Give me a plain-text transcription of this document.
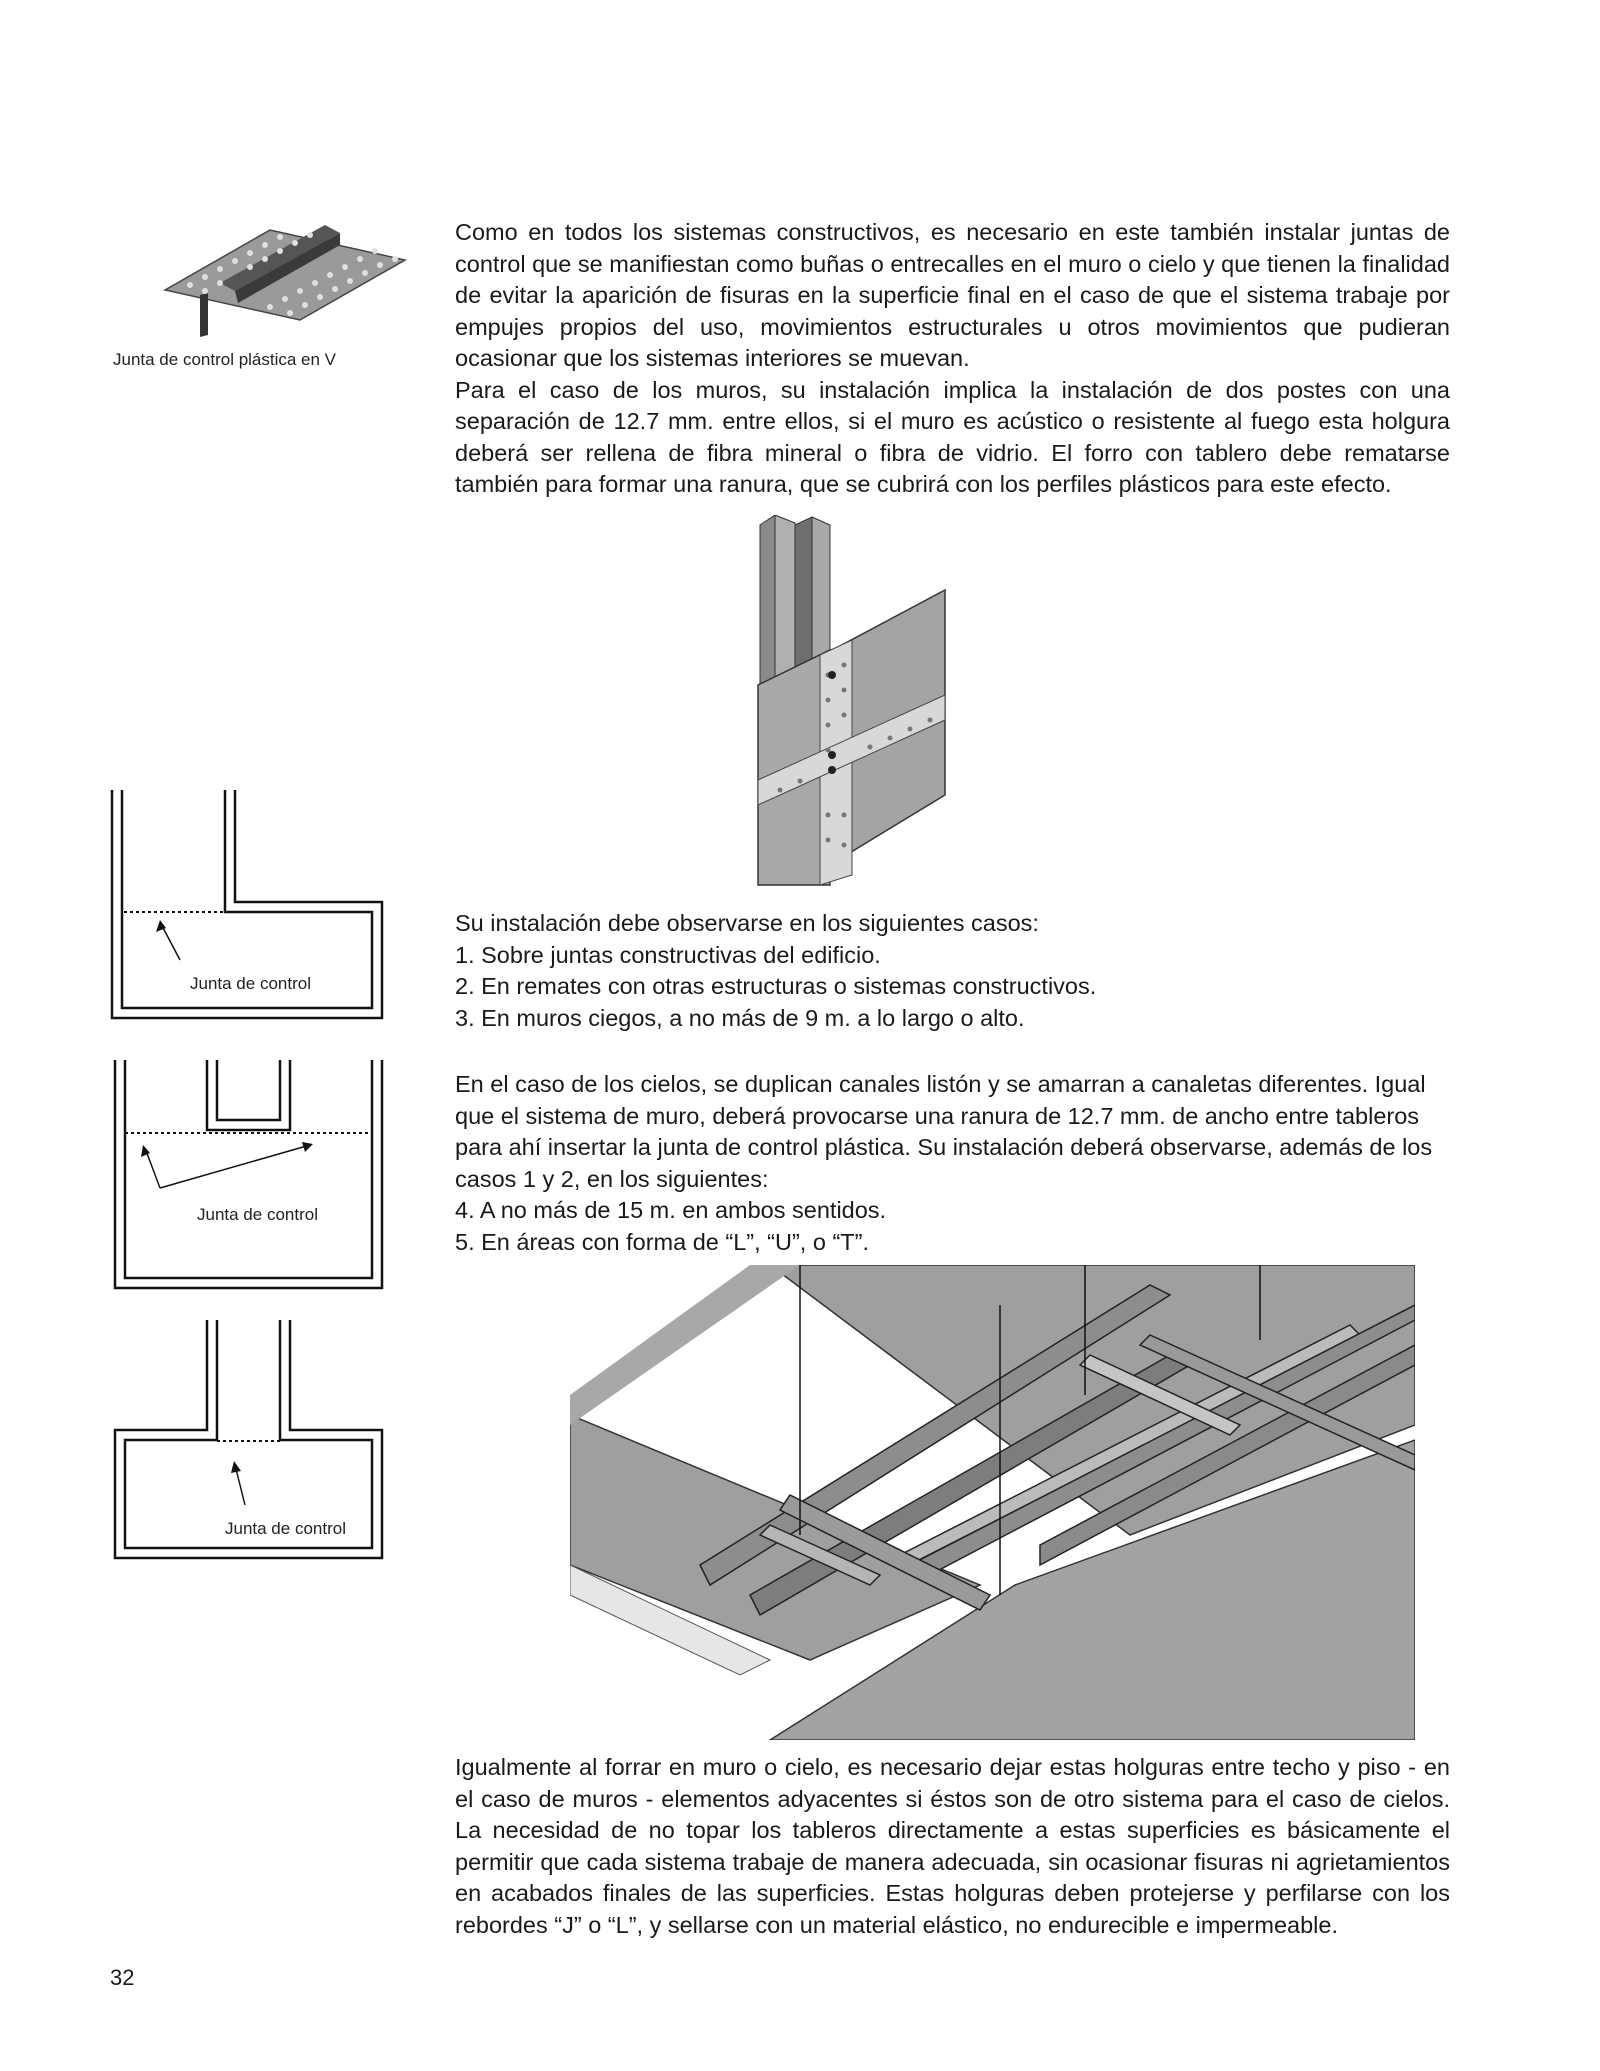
Junta de control plástica en V

Como en todos los sistemas constructivos, es necesario en este también instalar juntas de control que se manifiestan como buñas o entrecalles en el muro o cielo y que tienen la finalidad de evitar la aparición de fisuras en la superficie final en el caso de que el sistema trabaje por empujes propios del uso, movimientos estructurales u otros movimientos que pudieran ocasionar que los sistemas interiores se muevan.

Para el caso de los muros, su instalación implica la instalación de dos postes con una separación de 12.7 mm. entre ellos, si el muro es acústico o resistente al fuego esta holgura deberá ser rellena de fibra mineral o fibra de vidrio. El forro con tablero debe rematarse también para formar una ranura, que se cubrirá con los perfiles plásticos para este efecto.

Junta de control
Junta de control
Junta de control
Su instalación debe observarse en los siguientes casos:
1. Sobre juntas constructivas del edificio.
2. En remates con otras estructuras o sistemas constructivos.
3. En muros ciegos, a no más de 9 m. a lo largo o alto.

En el caso de los cielos, se duplican canales listón y se amarran a canaletas diferentes. Igual que el sistema de muro, deberá provocarse una ranura de 12.7 mm. de ancho entre tableros para ahí insertar la junta de control plástica. Su instalación deberá observarse, además de los casos 1 y 2, en los siguientes:

4. A no más de 15 m. en ambos sentidos.
5. En áreas con forma de “L”, “U”, o “T”.

Igualmente al forrar en muro o cielo, es necesario dejar estas holguras entre techo y piso - en el caso de muros - elementos adyacentes si éstos son de otro sistema para el caso de cielos. La necesidad de no topar los tableros directamente a estas superficies es básicamente el permitir que cada sistema trabaje de manera adecuada, sin ocasionar fisuras ni agrietamientos en acabados finales de las superficies. Estas holguras deben protejerse y perfilarse con los rebordes “J” o “L”, y sellarse con un material elástico, no endurecible e impermeable.

32
